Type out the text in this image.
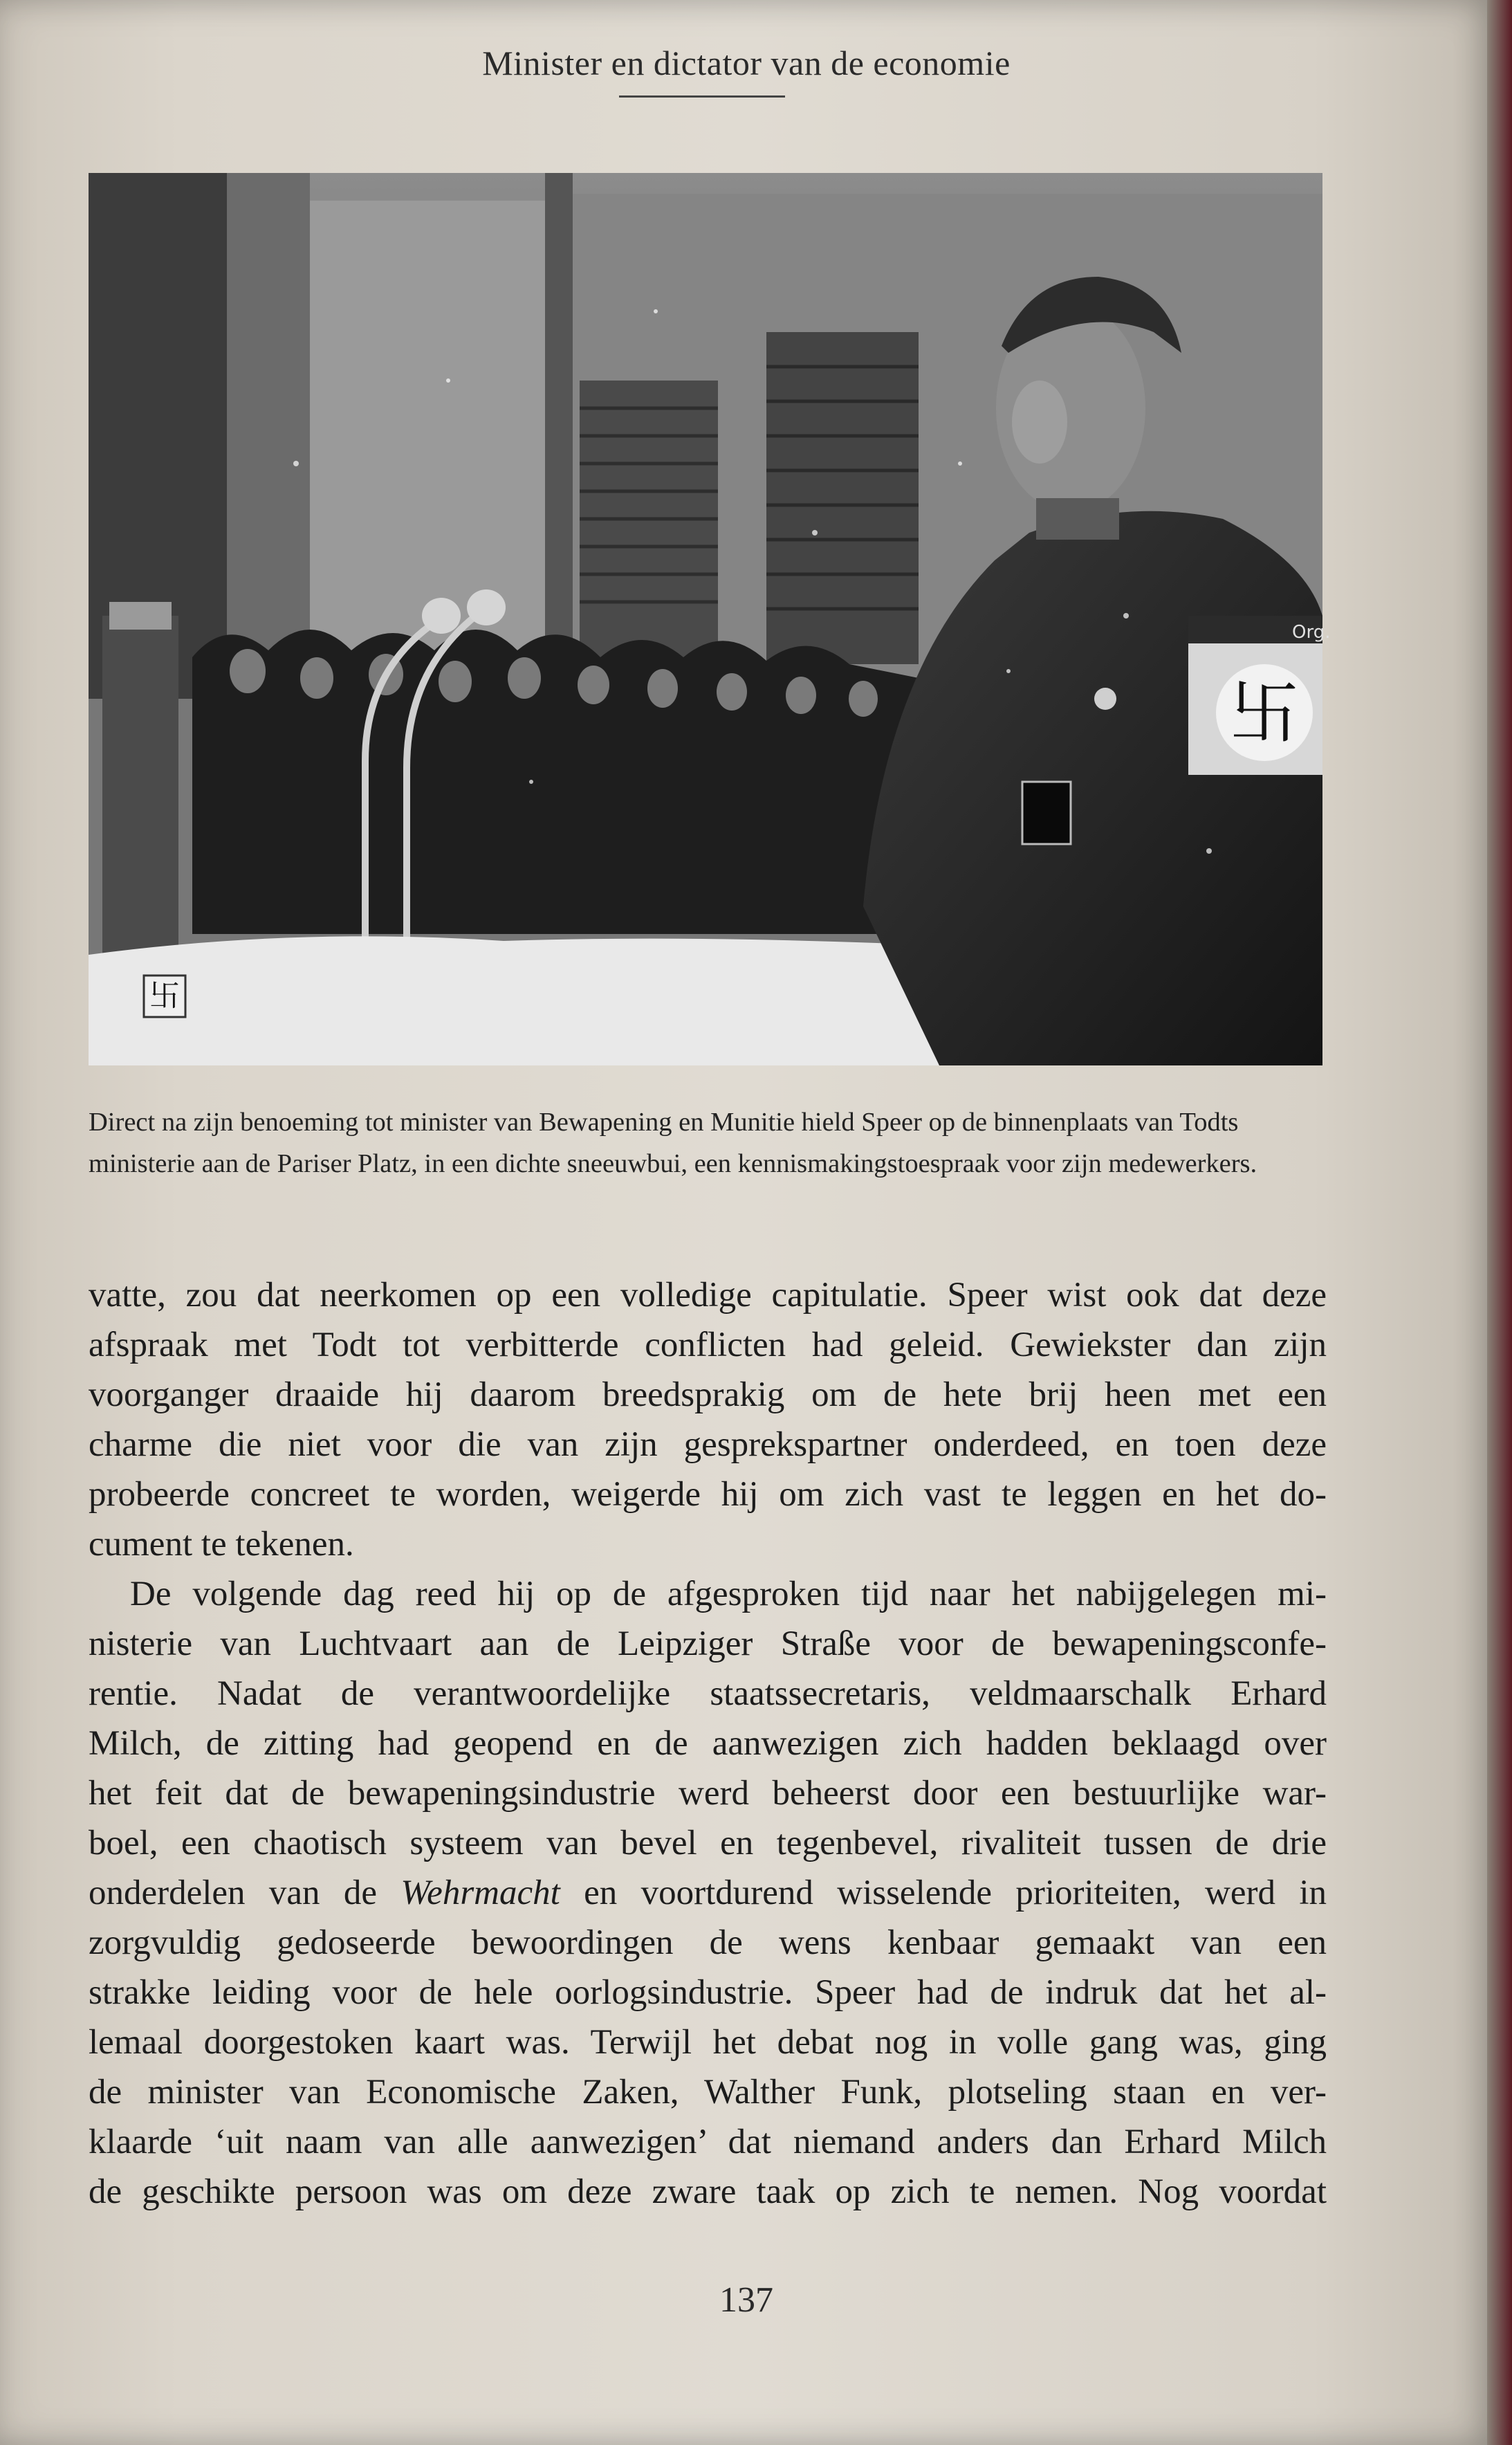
Minister en dictator van de economie
卐
Org.
卐
Direct na zijn benoeming tot minister van Bewapening en Munitie hield Speer op de binnenplaats van Todts ministerie aan de Pariser Platz, in een dichte sneeuwbui, een kennismakingstoespraak voor zijn medewerkers.
vatte, zou dat neerkomen op een volledige capitulatie. Speer wist ook dat deze
afspraak met Todt tot verbitterde conflicten had geleid. Gewiekster dan zijn
voorganger draaide hij daarom breedsprakig om de hete brij heen met een
charme die niet voor die van zijn gesprekspartner onderdeed, en toen deze
probeerde concreet te worden, weigerde hij om zich vast te leggen en het do-
cument te tekenen.
De volgende dag reed hij op de afgesproken tijd naar het nabijgelegen mi-
nisterie van Luchtvaart aan de Leipziger Straße voor de bewapeningsconfe-
rentie. Nadat de verantwoordelijke staatssecretaris, veldmaarschalk Erhard
Milch, de zitting had geopend en de aanwezigen zich hadden beklaagd over
het feit dat de bewapeningsindustrie werd beheerst door een bestuurlijke war-
boel, een chaotisch systeem van bevel en tegenbevel, rivaliteit tussen de drie
onderdelen van de Wehrmacht en voortdurend wisselende prioriteiten, werd in
zorgvuldig gedoseerde bewoordingen de wens kenbaar gemaakt van een
strakke leiding voor de hele oorlogsindustrie. Speer had de indruk dat het al-
lemaal doorgestoken kaart was. Terwijl het debat nog in volle gang was, ging
de minister van Economische Zaken, Walther Funk, plotseling staan en ver-
klaarde ‘uit naam van alle aanwezigen’ dat niemand anders dan Erhard Milch
de geschikte persoon was om deze zware taak op zich te nemen. Nog voordat
137
